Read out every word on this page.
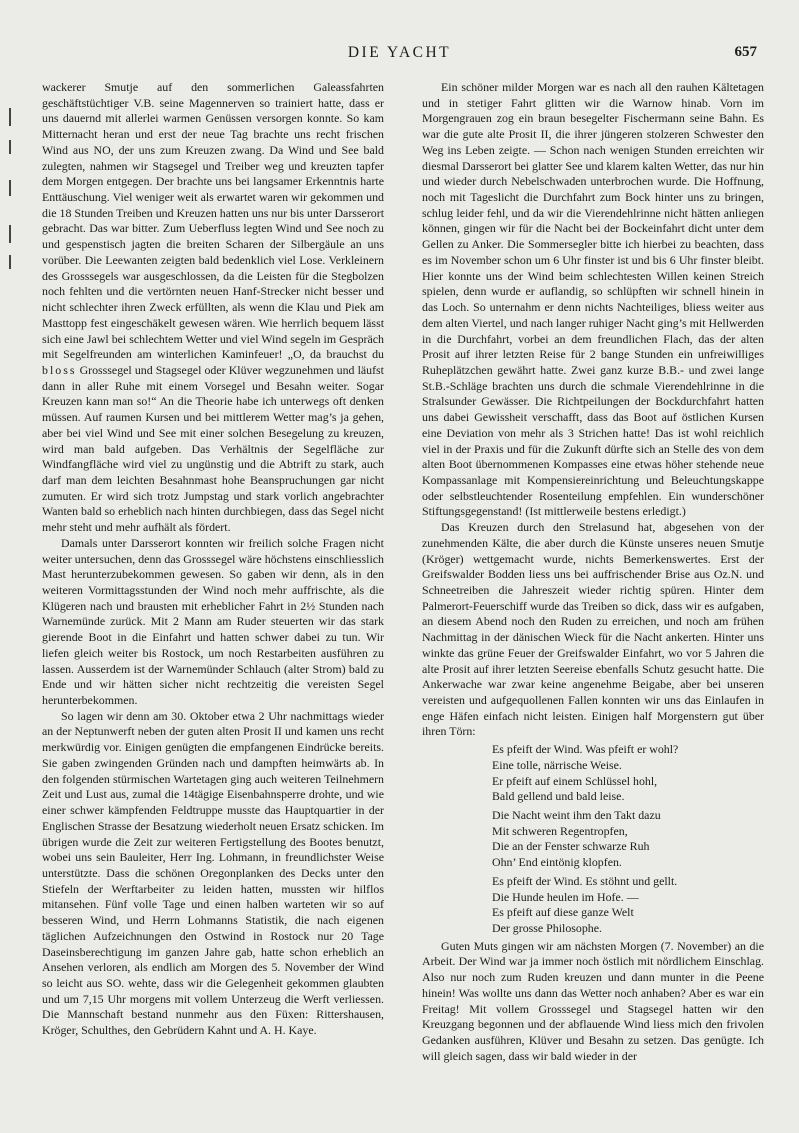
DIE YACHT	657

wackerer Smutje auf den sommerlichen Galeassfahrten geschäftstüchtiger V.B. seine Magennerven so trainiert hatte, dass er uns dauernd mit allerlei warmen Genüssen versorgen konnte. So kam Mitternacht heran und erst der neue Tag brachte uns recht frischen Wind aus NO, der uns zum Kreuzen zwang. Da Wind und See bald zulegten, nahmen wir Stagsegel und Treiber weg und kreuzten tapfer dem Morgen entgegen. Der brachte uns bei langsamer Erkenntnis harte Enttäuschung. Viel weniger weit als erwartet waren wir gekommen und die 18 Stunden Treiben und Kreuzen hatten uns nur bis unter Darsserort gebracht. Das war bitter. Zum Ueberfluss legten Wind und See noch zu und gespenstisch jagten die breiten Scharen der Silbergäule an uns vorüber. Die Leewanten zeigten bald bedenklich viel Lose. Verkleinern des Grosssegels war ausgeschlossen, da die Leisten für die Stegbolzen noch fehlten und die vertörnten neuen Hanf-Strecker nicht besser und nicht schlechter ihren Zweck erfüllten, als wenn die Klau und Piek am Masttopp fest eingeschäkelt gewesen wären. Wie herrlich bequem lässt sich eine Jawl bei schlechtem Wetter und viel Wind segeln im Gespräch mit Segelfreunden am winterlichen Kaminfeuer! „O, da brauchst du bloss Grosssegel und Stagsegel oder Klüver wegzunehmen und läufst dann in aller Ruhe mit einem Vorsegel und Besahn weiter. Sogar Kreuzen kann man so!“ An die Theorie habe ich unterwegs oft denken müssen. Auf raumen Kursen und bei mittlerem Wetter mag’s ja gehen, aber bei viel Wind und See mit einer solchen Besegelung zu kreuzen, wird man bald aufgeben. Das Verhältnis der Segelfläche zur Windfangfläche wird viel zu ungünstig und die Abtrift zu stark, auch darf man dem leichten Besahnmast hohe Beanspruchungen gar nicht zumuten. Er wird sich trotz Jumpstag und stark vorlich angebrachter Wanten bald so erheblich nach hinten durchbiegen, dass das Segel nicht mehr steht und mehr aufhält als fördert.

Damals unter Darsserort konnten wir freilich solche Fragen nicht weiter untersuchen, denn das Grosssegel wäre höchstens einschliesslich Mast herunterzubekommen gewesen. So gaben wir denn, als in den weiteren Vormittagsstunden der Wind noch mehr auffrischte, als die Klügeren nach und brausten mit erheblicher Fahrt in 2½ Stunden nach Warnemünde zurück. Mit 2 Mann am Ruder steuerten wir das stark gierende Boot in die Einfahrt und hatten schwer dabei zu tun. Wir liefen gleich weiter bis Rostock, um noch Restarbeiten ausführen zu lassen. Ausserdem ist der Warnemünder Schlauch (alter Strom) bald zu Ende und wir hätten sicher nicht rechtzeitig die vereisten Segel herunterbekommen.

So lagen wir denn am 30. Oktober etwa 2 Uhr nachmittags wieder an der Neptunwerft neben der guten alten Prosit II und kamen uns recht merkwürdig vor. Einigen genügten die empfangenen Eindrücke bereits. Sie gaben zwingenden Gründen nach und dampften heimwärts ab. In den folgenden stürmischen Wartetagen ging auch weiteren Teilnehmern Zeit und Lust aus, zumal die 14tägige Eisenbahnsperre drohte, und wie einer schwer kämpfenden Feldtruppe musste das Hauptquartier in der Englischen Strasse der Besatzung wiederholt neuen Ersatz schicken. Im übrigen wurde die Zeit zur weiteren Fertigstellung des Bootes benutzt, wobei uns sein Bauleiter, Herr Ing. Lohmann, in freundlichster Weise unterstützte. Dass die schönen Oregonplanken des Decks unter den Stiefeln der Werftarbeiter zu leiden hatten, mussten wir hilflos mitansehen. Fünf volle Tage und einen halben warteten wir so auf besseren Wind, und Herrn Lohmanns Statistik, die nach eigenen täglichen Aufzeichnungen den Ostwind in Rostock nur 20 Tage Daseinsberechtigung im ganzen Jahre gab, hatte schon erheblich an Ansehen verloren, als endlich am Morgen des 5. November der Wind so leicht aus SO. wehte, dass wir die Gelegenheit gekommen glaubten und um 7,15 Uhr morgens mit vollem Unterzeug die Werft verliessen. Die Mannschaft bestand nunmehr aus den Füxen: Rittershausen, Kröger, Schulthes, den Gebrüdern Kahnt und A. H. Kaye.

Ein schöner milder Morgen war es nach all den rauhen Kältetagen und in stetiger Fahrt glitten wir die Warnow hinab. Vorn im Morgengrauen zog ein braun besegelter Fischermann seine Bahn. Es war die gute alte Prosit II, die ihrer jüngeren stolzeren Schwester den Weg ins Leben zeigte. — Schon nach wenigen Stunden erreichten wir diesmal Darsserort bei glatter See und klarem kalten Wetter, das nur hin und wieder durch Nebelschwaden unterbrochen wurde. Die Hoffnung, noch mit Tageslicht die Durchfahrt zum Bock hinter uns zu bringen, schlug leider fehl, und da wir die Vierendehlrinne nicht hätten anliegen können, gingen wir für die Nacht bei der Bockeinfahrt dicht unter dem Gellen zu Anker. Die Sommersegler bitte ich hierbei zu beachten, dass es im November schon um 6 Uhr finster ist und bis 6 Uhr finster bleibt. Hier konnte uns der Wind beim schlechtesten Willen keinen Streich spielen, denn wurde er auflandig, so schlüpften wir schnell hinein in das Loch. So unternahm er denn nichts Nachteiliges, bliess weiter aus dem alten Viertel, und nach langer ruhiger Nacht ging’s mit Hellwerden in die Durchfahrt, vorbei an dem freundlichen Flach, das der alten Prosit auf ihrer letzten Reise für 2 bange Stunden ein unfreiwilliges Ruheplätzchen gewährt hatte. Zwei ganz kurze B.B.- und zwei lange St.B.-Schläge brachten uns durch die schmale Vierendehlrinne in die Stralsunder Gewässer. Die Richtpeilungen der Bockdurchfahrt hatten uns dabei Gewissheit verschafft, dass das Boot auf östlichen Kursen eine Deviation von mehr als 3 Strichen hatte! Das ist wohl reichlich viel in der Praxis und für die Zukunft dürfte sich an Stelle des von dem alten Boot übernommenen Kompasses eine etwas höher stehende neue Kompassanlage mit Kompensiereinrichtung und Beleuchtungskappe oder selbstleuchtender Rosenteilung empfehlen. Ein wunderschöner Stiftungsgegenstand! (Ist mittlerweile bestens erledigt.)

Das Kreuzen durch den Strelasund hat, abgesehen von der zunehmenden Kälte, die aber durch die Künste unseres neuen Smutje (Kröger) wettgemacht wurde, nichts Bemerkenswertes. Erst der Greifswalder Bodden liess uns bei auffrischender Brise aus Oz.N. und Schneetreiben die Jahreszeit wieder richtig spüren. Hinter dem Palmerort-Feuerschiff wurde das Treiben so dick, dass wir es aufgaben, an diesem Abend noch den Ruden zu erreichen, und noch am frühen Nachmittag in der dänischen Wieck für die Nacht ankerten. Hinter uns winkte das grüne Feuer der Greifswalder Einfahrt, wo vor 5 Jahren die alte Prosit auf ihrer letzten Seereise ebenfalls Schutz gesucht hatte. Die Ankerwache war zwar keine angenehme Beigabe, aber bei unseren vereisten und aufgequollenen Fallen konnten wir uns das Einlaufen in enge Häfen einfach nicht leisten. Einigen half Morgenstern gut über ihren Törn:

Es pfeift der Wind. Was pfeift er wohl?
Eine tolle, närrische Weise.
Er pfeift auf einem Schlüssel hohl,
Bald gellend und bald leise.
Die Nacht weint ihm den Takt dazu
Mit schweren Regentropfen,
Die an der Fenster schwarze Ruh
Ohn’ End eintönig klopfen.
Es pfeift der Wind. Es stöhnt und gellt.
Die Hunde heulen im Hofe. —
Es pfeift auf diese ganze Welt
Der grosse Philosophe.

Guten Muts gingen wir am nächsten Morgen (7. November) an die Arbeit. Der Wind war ja immer noch östlich mit nördlichem Einschlag. Also nur noch zum Ruden kreuzen und dann munter in die Peene hinein! Was wollte uns dann das Wetter noch anhaben? Aber es war ein Freitag! Mit vollem Grosssegel und Stagsegel hatten wir den Kreuzgang begonnen und der abflauende Wind liess mich den frivolen Gedanken ausführen, Klüver und Besahn zu setzen. Das genügte. Ich will gleich sagen, dass wir bald wieder in der
